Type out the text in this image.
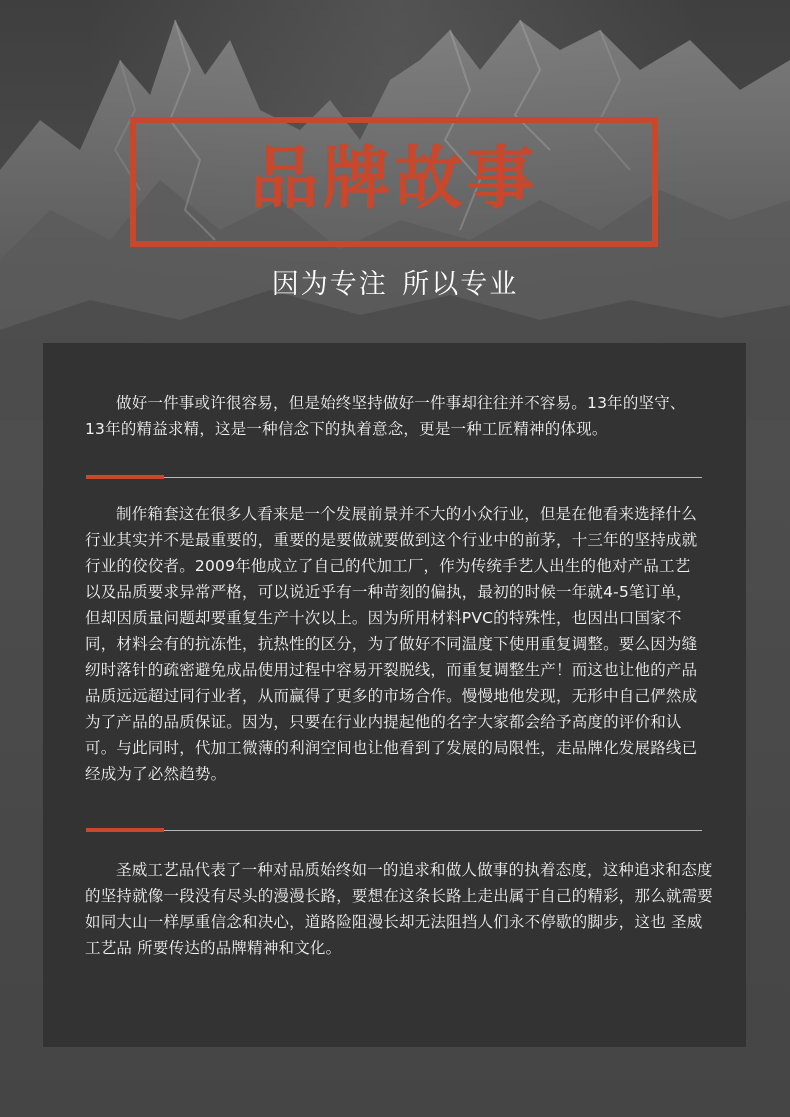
品牌故事
因为专注 所以专业

做好一件事或许很容易，但是始终坚持做好一件事却往往并不容易。13年的坚守、13年的精益求精，这是一种信念下的执着意念，更是一种工匠精神的体现。

制作箱套这在很多人看来是一个发展前景并不大的小众行业，但是在他看来选择什么行业其实并不是最重要的，重要的是要做就要做到这个行业中的前茅，十三年的坚持成就行业的佼佼者。2009年他成立了自己的代加工厂，作为传统手艺人出生的他对产品工艺以及品质要求异常严格，可以说近乎有一种苛刻的偏执，最初的时候一年就4-5笔订单，但却因质量问题却要重复生产十次以上。因为所用材料PVC的特殊性，也因出口国家不同，材料会有的抗冻性，抗热性的区分，为了做好不同温度下使用重复调整。要么因为缝纫时落针的疏密避免成品使用过程中容易开裂脱线，而重复调整生产！而这也让他的产品品质远远超过同行业者，从而赢得了更多的市场合作。慢慢地他发现，无形中自己俨然成为了产品的品质保证。因为，只要在行业内提起他的名字大家都会给予高度的评价和认可。与此同时，代加工微薄的利润空间也让他看到了发展的局限性，走品牌化发展路线已经成为了必然趋势。

圣威工艺品代表了一种对品质始终如一的追求和做人做事的执着态度，这种追求和态度的坚持就像一段没有尽头的漫漫长路，要想在这条长路上走出属于自己的精彩，那么就需要如同大山一样厚重信念和决心，道路险阻漫长却无法阻挡人们永不停歇的脚步，这也 圣威工艺品 所要传达的品牌精神和文化。
